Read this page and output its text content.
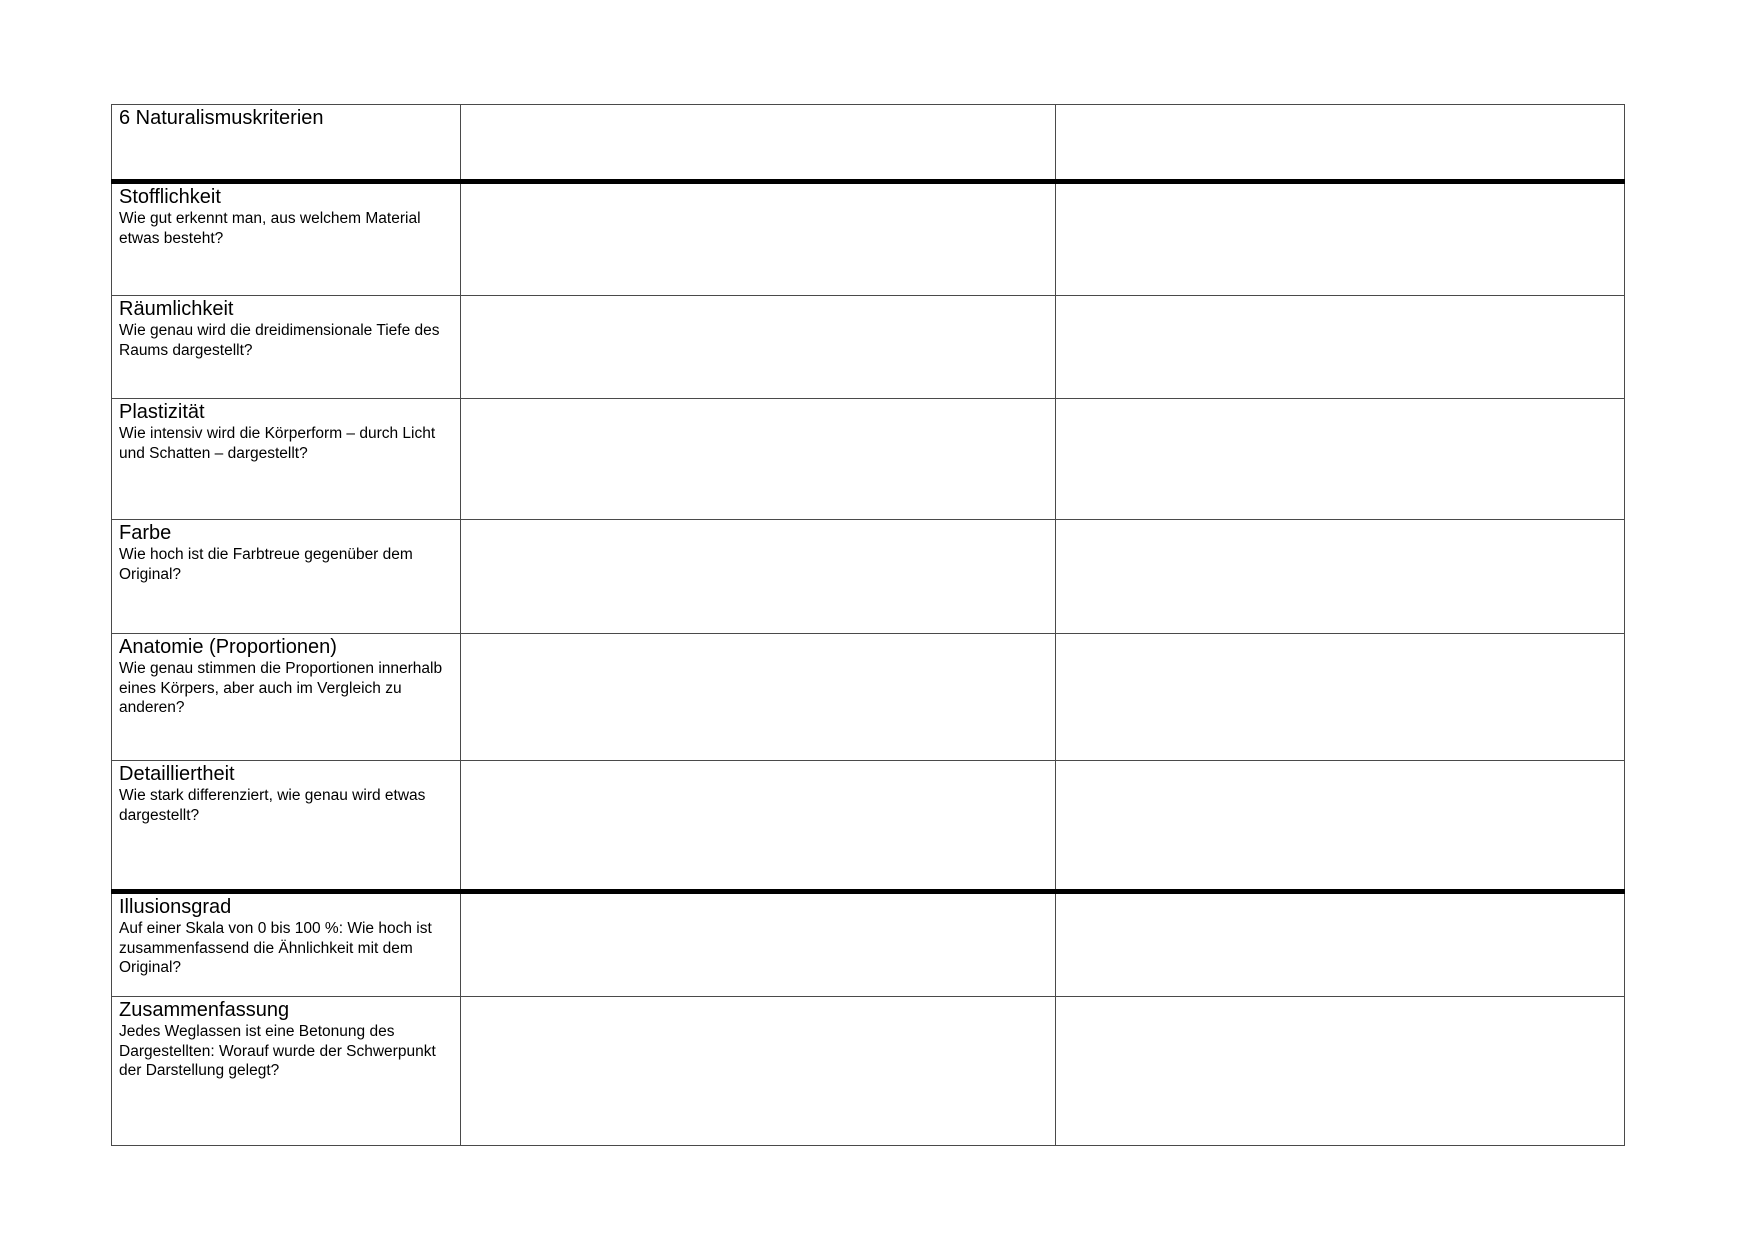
6 Naturalismuskriterien		

Stofflichkeit
Wie gut erkennt man, aus welchem Material etwas besteht?		

Räumlichkeit
Wie genau wird die dreidimensionale Tiefe des Raums dargestellt?		

Plastizität
Wie intensiv wird die Körperform – durch Licht und Schatten – dargestellt?		

Farbe
Wie hoch ist die Farbtreue gegenüber dem Original?		

Anatomie (Proportionen)
Wie genau stimmen die Proportionen innerhalb eines Körpers, aber auch im Vergleich zu anderen?		

Detailliertheit
Wie stark differenziert, wie genau wird etwas dargestellt?		

Illusionsgrad
Auf einer Skala von 0 bis 100 %: Wie hoch ist zusammenfassend die Ähnlichkeit mit dem Original?		

Zusammenfassung
Jedes Weglassen ist eine Betonung des Dargestellten: Worauf wurde der Schwerpunkt der Darstellung gelegt?		
